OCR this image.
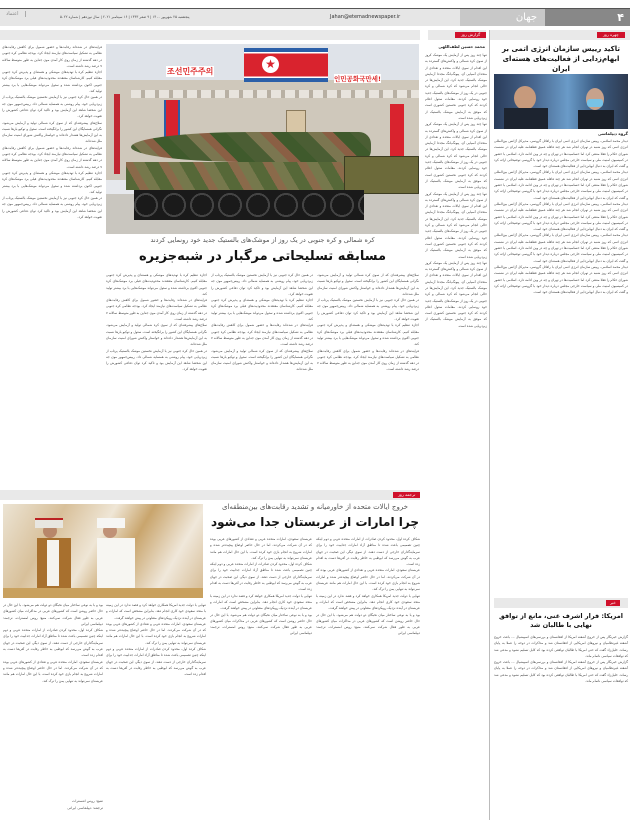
۴
جهان
Jahan@etemadnewspaper.ir
پنجشنبه ۲۵ شهریور ۱۴۰۰ | ۹ صفر ۱۴۴۳ | ۱۶ سپتامبر ۲۰۲۱ | سال نوزدهم | شماره ۵۰۲۲
اعتماد
گزارش روز	چهره روز
تاکید رییس سازمان انرژی اتمی بر ابهام‌زدایی از فعالیت‌های هسته‌ای ایران
گروه دیپلماسی
دیدار محمد اسلامی، رییس سازمان انرژی اتمی ایران با رافائل گروسی، مدیرکل آژانس بین‌المللی انرژی اتمی که روز شنبه در تهران انجام شد هر چند فاقله عمیق قطعنامه علیه ایران در نشست شورای حکام را فعلا منتفی کرد اما حساسیت‌ها در تهران و چه در وین ادامه دارد. اسلامی با حضور در کمیسیون امنیت ملی و سیاست خارجی مجلس درباره دیدار خود با گروسی توضیحاتی ارائه کرد و گفت که ایران به دنبال ابهام‌زدایی از فعالیت‌های هسته‌ای خود است.
دیدار محمد اسلامی، رییس سازمان انرژی اتمی ایران با رافائل گروسی، مدیرکل آژانس بین‌المللی انرژی اتمی که روز شنبه در تهران انجام شد هر چند فاقله عمیق قطعنامه علیه ایران در نشست شورای حکام را فعلا منتفی کرد اما حساسیت‌ها در تهران و چه در وین ادامه دارد. اسلامی با حضور در کمیسیون امنیت ملی و سیاست خارجی مجلس درباره دیدار خود با گروسی توضیحاتی ارائه کرد و گفت که ایران به دنبال ابهام‌زدایی از فعالیت‌های هسته‌ای خود است.
دیدار محمد اسلامی، رییس سازمان انرژی اتمی ایران با رافائل گروسی، مدیرکل آژانس بین‌المللی انرژی اتمی که روز شنبه در تهران انجام شد هر چند فاقله عمیق قطعنامه علیه ایران در نشست شورای حکام را فعلا منتفی کرد اما حساسیت‌ها در تهران و چه در وین ادامه دارد. اسلامی با حضور در کمیسیون امنیت ملی و سیاست خارجی مجلس درباره دیدار خود با گروسی توضیحاتی ارائه کرد و گفت که ایران به دنبال ابهام‌زدایی از فعالیت‌های هسته‌ای خود است.
دیدار محمد اسلامی، رییس سازمان انرژی اتمی ایران با رافائل گروسی، مدیرکل آژانس بین‌المللی انرژی اتمی که روز شنبه در تهران انجام شد هر چند فاقله عمیق قطعنامه علیه ایران در نشست شورای حکام را فعلا منتفی کرد اما حساسیت‌ها در تهران و چه در وین ادامه دارد. اسلامی با حضور در کمیسیون امنیت ملی و سیاست خارجی مجلس درباره دیدار خود با گروسی توضیحاتی ارائه کرد و گفت که ایران به دنبال ابهام‌زدایی از فعالیت‌های هسته‌ای خود است.
دیدار محمد اسلامی، رییس سازمان انرژی اتمی ایران با رافائل گروسی، مدیرکل آژانس بین‌المللی انرژی اتمی که روز شنبه در تهران انجام شد هر چند فاقله عمیق قطعنامه علیه ایران در نشست شورای حکام را فعلا منتفی کرد اما حساسیت‌ها در تهران و چه در وین ادامه دارد. اسلامی با حضور در کمیسیون امنیت ملی و سیاست خارجی مجلس درباره دیدار خود با گروسی توضیحاتی ارائه کرد و گفت که ایران به دنبال ابهام‌زدایی از فعالیت‌های هسته‌ای خود است.
خبر
امریکا: فرار اشرف غنی، مانع از توافق نهایی با طالبان شد
گزارش خبرنگار پس از خروج آشفته امریکا از افغانستان و بررسی‌های اسپیشیال ... باعث خروج آشفته غیرنظامیان و نیروهای امریکایی از افغانستان شد و مذاکرات در دوحه را عملا به پایان رساند. خلیل‌زاد گفت که حتی امریکا با طالبان توافقی کرده بود که کابل تسلیم نشود و مدعی شد که توافقات سیاسی ناتمام ماند.
گزارش خبرنگار پس از خروج آشفته امریکا از افغانستان و بررسی‌های اسپیشیال ... باعث خروج آشفته غیرنظامیان و نیروهای امریکایی از افغانستان شد و مذاکرات در دوحه را عملا به پایان رساند. خلیل‌زاد گفت که حتی امریکا با طالبان توافقی کرده بود که کابل تسلیم نشود و مدعی شد که توافقات سیاسی ناتمام ماند.
محمد حسین لطف‌اللهی
تنها چند روز پس از آزمایش یک موشک کروز از سوی کره شمالی و واکنش‌های گسترده به این اقدام از سوی ایالات متحده و تعدادی از متحدان آسیایی آن، پیونگ‌یانگ مجددا آزمایش موشک بالستیک جدید کرد. این آزمایش‌ها در حالی انجام می‌شود که کره شمالی و کره جنوبی در یک روز از موشک‌های بالستیک جدید خود رونمایی کردند. مقامات سئول اعلام کردند که کره جنوبی نخستین کشوری است که موفق به آزمایش موشک بالستیک از زیردریایی شده است.
تنها چند روز پس از آزمایش یک موشک کروز از سوی کره شمالی و واکنش‌های گسترده به این اقدام از سوی ایالات متحده و تعدادی از متحدان آسیایی آن، پیونگ‌یانگ مجددا آزمایش موشک بالستیک جدید کرد. این آزمایش‌ها در حالی انجام می‌شود که کره شمالی و کره جنوبی در یک روز از موشک‌های بالستیک جدید خود رونمایی کردند. مقامات سئول اعلام کردند که کره جنوبی نخستین کشوری است که موفق به آزمایش موشک بالستیک از زیردریایی شده است.
تنها چند روز پس از آزمایش یک موشک کروز از سوی کره شمالی و واکنش‌های گسترده به این اقدام از سوی ایالات متحده و تعدادی از متحدان آسیایی آن، پیونگ‌یانگ مجددا آزمایش موشک بالستیک جدید کرد. این آزمایش‌ها در حالی انجام می‌شود که کره شمالی و کره جنوبی در یک روز از موشک‌های بالستیک جدید خود رونمایی کردند. مقامات سئول اعلام کردند که کره جنوبی نخستین کشوری است که موفق به آزمایش موشک بالستیک از زیردریایی شده است.
تنها چند روز پس از آزمایش یک موشک کروز از سوی کره شمالی و واکنش‌های گسترده به این اقدام از سوی ایالات متحده و تعدادی از متحدان آسیایی آن، پیونگ‌یانگ مجددا آزمایش موشک بالستیک جدید کرد. این آزمایش‌ها در حالی انجام می‌شود که کره شمالی و کره جنوبی در یک روز از موشک‌های بالستیک جدید خود رونمایی کردند. مقامات سئول اعلام کردند که کره جنوبی نخستین کشوری است که موفق به آزمایش موشک بالستیک از زیردریایی شده است.
조선민주주의
인민공화국만세!
★
کره شمالی و کره جنوبی در یک روز از موشک‌های بالستیک جدید خود رونمایی کردند
مسابقه تسلیحاتی مرگبار در شبه‌جزیره
سلاح‌های پیشرفته‌ای که از سوی کره شمالی تولید و آزمایش می‌شود، نگرانی همسایگان این کشور را برانگیخته است. سئول و توکیو بارها نسبت به این آزمایش‌ها هشدار داده‌اند و خواستار واکنش شورای امنیت سازمان ملل شده‌اند.
در همین حال کره جنوبی نیز با آزمایش نخستین موشک بالستیک پرتاب از زیردریایی خود، پیام روشنی به همسایه شمالی داد. رییس‌جمهور مون جه این شخصا شاهد این آزمایش بود و تاکید کرد توان دفاعی کشورش را تقویت خواهد کرد.
اجازه تنظیم کره با تهدیدهای موشکی و هسته‌ای و پذیرش کره جنوبی مقابله کنیم. کارشناسان معتقدند محدودیت‌های قبلی برد موشک‌های کره جنوبی اکنون برداشته شده و سئول می‌تواند موشک‌هایی با برد بیشتر تولید کند.
فرایندهای در شده‌اند رقابت‌ها و حضور شمول برای کاهش رقابت‌های نظامی به تشکیل سیاست‌های نیازمند ایجاد کرد. بودجه نظامی کره جنوبی در دهه گذشته از زمان روی کار آمدن مون جه‌این به طور متوسط سالانه ۷ درصد رشد داشته است.
در همین حال کره جنوبی نیز با آزمایش نخستین موشک بالستیک پرتاب از زیردریایی خود، پیام روشنی به همسایه شمالی داد. رییس‌جمهور مون جه این شخصا شاهد این آزمایش بود و تاکید کرد توان دفاعی کشورش را تقویت خواهد کرد.
اجازه تنظیم کره با تهدیدهای موشکی و هسته‌ای و پذیرش کره جنوبی مقابله کنیم. کارشناسان معتقدند محدودیت‌های قبلی برد موشک‌های کره جنوبی اکنون برداشته شده و سئول می‌تواند موشک‌هایی با برد بیشتر تولید کند.
فرایندهای در شده‌اند رقابت‌ها و حضور شمول برای کاهش رقابت‌های نظامی به تشکیل سیاست‌های نیازمند ایجاد کرد. بودجه نظامی کره جنوبی در دهه گذشته از زمان روی کار آمدن مون جه‌این به طور متوسط سالانه ۷ درصد رشد داشته است.
سلاح‌های پیشرفته‌ای که از سوی کره شمالی تولید و آزمایش می‌شود، نگرانی همسایگان این کشور را برانگیخته است. سئول و توکیو بارها نسبت به این آزمایش‌ها هشدار داده‌اند و خواستار واکنش شورای امنیت سازمان ملل شده‌اند.
اجازه تنظیم کره با تهدیدهای موشکی و هسته‌ای و پذیرش کره جنوبی مقابله کنیم. کارشناسان معتقدند محدودیت‌های قبلی برد موشک‌های کره جنوبی اکنون برداشته شده و سئول می‌تواند موشک‌هایی با برد بیشتر تولید کند.
فرایندهای در شده‌اند رقابت‌ها و حضور شمول برای کاهش رقابت‌های نظامی به تشکیل سیاست‌های نیازمند ایجاد کرد. بودجه نظامی کره جنوبی در دهه گذشته از زمان روی کار آمدن مون جه‌این به طور متوسط سالانه ۷ درصد رشد داشته است.
سلاح‌های پیشرفته‌ای که از سوی کره شمالی تولید و آزمایش می‌شود، نگرانی همسایگان این کشور را برانگیخته است. سئول و توکیو بارها نسبت به این آزمایش‌ها هشدار داده‌اند و خواستار واکنش شورای امنیت سازمان ملل شده‌اند.
در همین حال کره جنوبی نیز با آزمایش نخستین موشک بالستیک پرتاب از زیردریایی خود، پیام روشنی به همسایه شمالی داد. رییس‌جمهور مون جه این شخصا شاهد این آزمایش بود و تاکید کرد توان دفاعی کشورش را تقویت خواهد کرد.
فرایندهای در شده‌اند رقابت‌ها و حضور شمول برای کاهش رقابت‌های نظامی به تشکیل سیاست‌های نیازمند ایجاد کرد. بودجه نظامی کره جنوبی در دهه گذشته از زمان روی کار آمدن مون جه‌این به طور متوسط سالانه ۷ درصد رشد داشته است.
اجازه تنظیم کره با تهدیدهای موشکی و هسته‌ای و پذیرش کره جنوبی مقابله کنیم. کارشناسان معتقدند محدودیت‌های قبلی برد موشک‌های کره جنوبی اکنون برداشته شده و سئول می‌تواند موشک‌هایی با برد بیشتر تولید کند.
در همین حال کره جنوبی نیز با آزمایش نخستین موشک بالستیک پرتاب از زیردریایی خود، پیام روشنی به همسایه شمالی داد. رییس‌جمهور مون جه این شخصا شاهد این آزمایش بود و تاکید کرد توان دفاعی کشورش را تقویت خواهد کرد.
سلاح‌های پیشرفته‌ای که از سوی کره شمالی تولید و آزمایش می‌شود، نگرانی همسایگان این کشور را برانگیخته است. سئول و توکیو بارها نسبت به این آزمایش‌ها هشدار داده‌اند و خواستار واکنش شورای امنیت سازمان ملل شده‌اند.
فرایندهای در شده‌اند رقابت‌ها و حضور شمول برای کاهش رقابت‌های نظامی به تشکیل سیاست‌های نیازمند ایجاد کرد. بودجه نظامی کره جنوبی در دهه گذشته از زمان روی کار آمدن مون جه‌این به طور متوسط سالانه ۷ درصد رشد داشته است.
اجازه تنظیم کره با تهدیدهای موشکی و هسته‌ای و پذیرش کره جنوبی مقابله کنیم. کارشناسان معتقدند محدودیت‌های قبلی برد موشک‌های کره جنوبی اکنون برداشته شده و سئول می‌تواند موشک‌هایی با برد بیشتر تولید کند.
در همین حال کره جنوبی نیز با آزمایش نخستین موشک بالستیک پرتاب از زیردریایی خود، پیام روشنی به همسایه شمالی داد. رییس‌جمهور مون جه این شخصا شاهد این آزمایش بود و تاکید کرد توان دفاعی کشورش را تقویت خواهد کرد.
ترجمه روز
خروج ایالات متحده از خاورمیانه و تشدید رقابت‌های بین‌منطقه‌ای
چرا امارات از عربستان جدا می‌شود
شکاف کرده اول، محدود کردن صادرات از امارات متحده عربی و دوم اینکه چنین تصمیمی باعث شده تا مناطق آزاد امارات جذابیت خود را برای سرمایه‌گذاران خارجی از دست دهند. از سوی دیگر، این صحبت در جهان عرب به گوش می‌رسد که ابوظبی به خاطر رقابت در آفریقا دست به اقدام زده است.
عربستان سعودی، امارات متحده عربی و تعدادی از کشورهای عربی بوده که در آن شرکت می‌کردند. اما در حال حاضر اوضاع پیچیده‌تر شده و امارات شروع به انجام بازی خود کرده است. با این حال امارات هم مانند عربستان نمی‌تواند به تنهایی یمن را ترک کند.
تنهایی با دولت جدید امریکا همکاری خواهد کرد و قصد ندارد در این زمینه با متحد سعودی خود کاری انجام دهد. بنابراین مشخص است که امارات و عربستان در آینده نزدیک رویکردهای متفاوتی در پیش خواهند گرفت.
بود و با به نوعی ساختار میان نخبگان دو دولت هم می‌شود. با این حال در حال حاضر روشن است که کشورهای عربی در مذاکرات میان کشورهای عربی به طور فعال شرکت نمی‌کنند. منبع: روس امسترات، ترجمه: دیپلماسی ایرانی
عربستان سعودی، امارات متحده عربی و تعدادی از کشورهای عربی بوده که در آن شرکت می‌کردند. اما در حال حاضر اوضاع پیچیده‌تر شده و امارات شروع به انجام بازی خود کرده است. با این حال امارات هم مانند عربستان نمی‌تواند به تنهایی یمن را ترک کند.
شکاف کرده اول، محدود کردن صادرات از امارات متحده عربی و دوم اینکه چنین تصمیمی باعث شده تا مناطق آزاد امارات جذابیت خود را برای سرمایه‌گذاران خارجی از دست دهند. از سوی دیگر، این صحبت در جهان عرب به گوش می‌رسد که ابوظبی به خاطر رقابت در آفریقا دست به اقدام زده است.
تنهایی با دولت جدید امریکا همکاری خواهد کرد و قصد ندارد در این زمینه با متحد سعودی خود کاری انجام دهد. بنابراین مشخص است که امارات و عربستان در آینده نزدیک رویکردهای متفاوتی در پیش خواهند گرفت.
بود و با به نوعی ساختار میان نخبگان دو دولت هم می‌شود. با این حال در حال حاضر روشن است که کشورهای عربی در مذاکرات میان کشورهای عربی به طور فعال شرکت نمی‌کنند. منبع: روس امسترات، ترجمه: دیپلماسی ایرانی
تنهایی با دولت جدید امریکا همکاری خواهد کرد و قصد ندارد در این زمینه با متحد سعودی خود کاری انجام دهد. بنابراین مشخص است که امارات و عربستان در آینده نزدیک رویکردهای متفاوتی در پیش خواهند گرفت.
عربستان سعودی، امارات متحده عربی و تعدادی از کشورهای عربی بوده که در آن شرکت می‌کردند. اما در حال حاضر اوضاع پیچیده‌تر شده و امارات شروع به انجام بازی خود کرده است. با این حال امارات هم مانند عربستان نمی‌تواند به تنهایی یمن را ترک کند.
شکاف کرده اول، محدود کردن صادرات از امارات متحده عربی و دوم اینکه چنین تصمیمی باعث شده تا مناطق آزاد امارات جذابیت خود را برای سرمایه‌گذاران خارجی از دست دهند. از سوی دیگر، این صحبت در جهان عرب به گوش می‌رسد که ابوظبی به خاطر رقابت در آفریقا دست به اقدام زده است.
بود و با به نوعی ساختار میان نخبگان دو دولت هم می‌شود. با این حال در حال حاضر روشن است که کشورهای عربی در مذاکرات میان کشورهای عربی به طور فعال شرکت نمی‌کنند. منبع: روس امسترات، ترجمه: دیپلماسی ایرانی
شکاف کرده اول، محدود کردن صادرات از امارات متحده عربی و دوم اینکه چنین تصمیمی باعث شده تا مناطق آزاد امارات جذابیت خود را برای سرمایه‌گذاران خارجی از دست دهند. از سوی دیگر، این صحبت در جهان عرب به گوش می‌رسد که ابوظبی به خاطر رقابت در آفریقا دست به اقدام زده است.
عربستان سعودی، امارات متحده عربی و تعدادی از کشورهای عربی بوده که در آن شرکت می‌کردند. اما در حال حاضر اوضاع پیچیده‌تر شده و امارات شروع به انجام بازی خود کرده است. با این حال امارات هم مانند عربستان نمی‌تواند به تنهایی یمن را ترک کند.
منبع: روس امسترات
ترجمه: دیپلماسی ایرانی
